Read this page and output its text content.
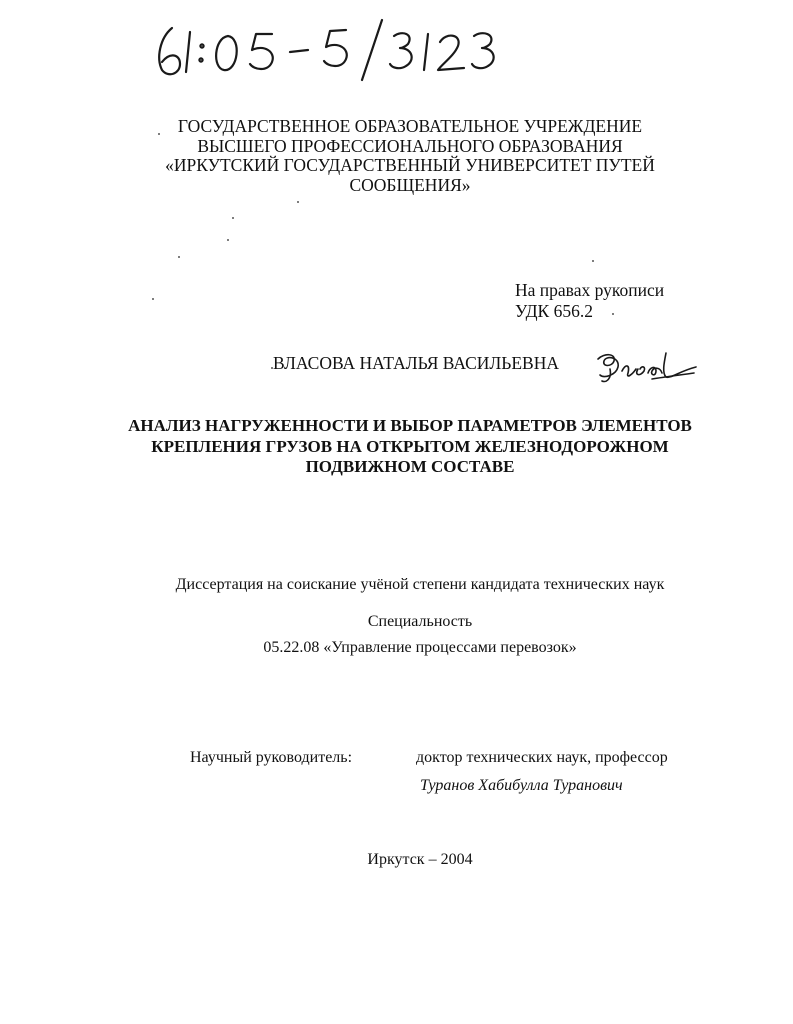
ГОСУДАРСТВЕННОЕ ОБРАЗОВАТЕЛЬНОЕ УЧРЕЖДЕНИЕ
ВЫСШЕГО ПРОФЕССИОНАЛЬНОГО ОБРАЗОВАНИЯ
«ИРКУТСКИЙ ГОСУДАРСТВЕННЫЙ УНИВЕРСИТЕТ ПУТЕЙ
СООБЩЕНИЯ»
На правах рукописи
УДК 656.2
ВЛАСОВА НАТАЛЬЯ ВАСИЛЬЕВНА
АНАЛИЗ НАГРУЖЕННОСТИ И ВЫБОР ПАРАМЕТРОВ ЭЛЕМЕНТОВ
КРЕПЛЕНИЯ ГРУЗОВ НА ОТКРЫТОМ ЖЕЛЕЗНОДОРОЖНОМ
ПОДВИЖНОМ СОСТАВЕ
Диссертация на соискание учёной степени кандидата технических наук
Специальность
05.22.08 «Управление процессами перевозок»
Научный руководитель:	доктор технических наук, профессор
Туранов Хабибулла Туранович
Иркутск – 2004
